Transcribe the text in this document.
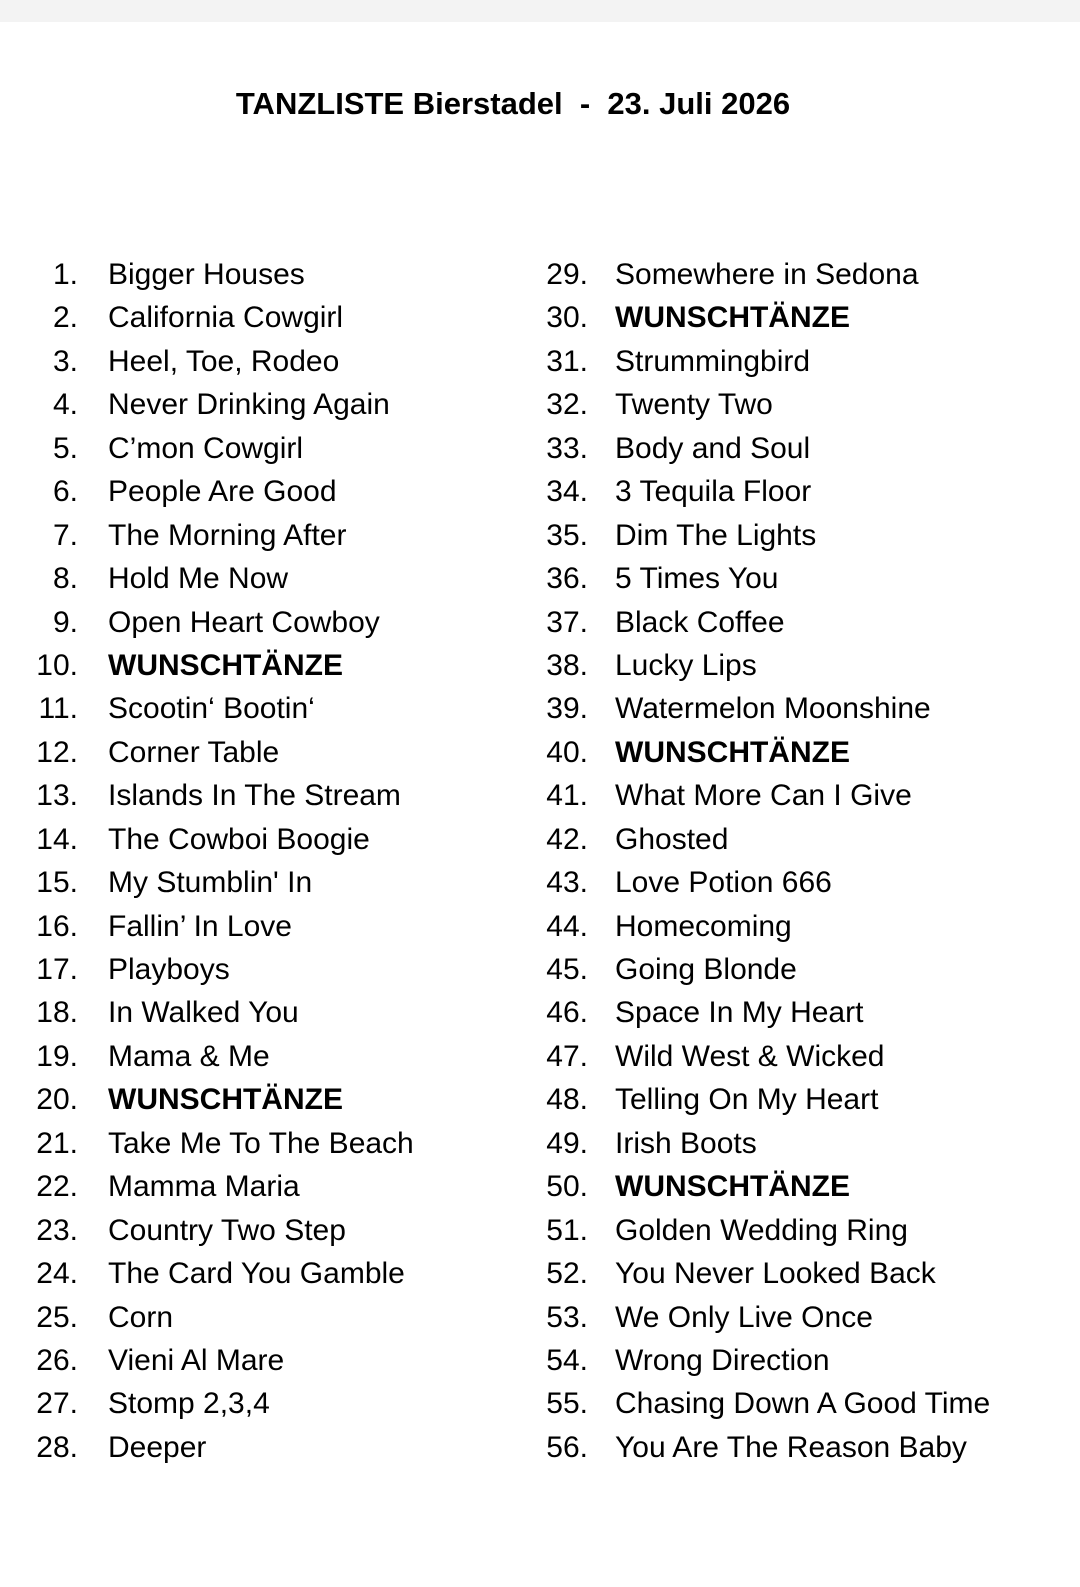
TANZLISTE Bierstadel  -  23. Juli 2026
1. Bigger Houses
2. California Cowgirl
3. Heel, Toe, Rodeo
4. Never Drinking Again
5. C’mon Cowgirl
6. People Are Good
7. The Morning After
8. Hold Me Now
9. Open Heart Cowboy
10. WUNSCHTÄNZE
11. Scootin‘ Bootin‘
12. Corner Table
13. Islands In The Stream
14. The Cowboi Boogie
15. My Stumblin' In
16. Fallin’ In Love
17. Playboys
18. In Walked You
19. Mama & Me
20. WUNSCHTÄNZE
21. Take Me To The Beach
22. Mamma Maria
23. Country Two Step
24. The Card You Gamble
25. Corn
26. Vieni Al Mare
27. Stomp 2,3,4
28. Deeper
29. Somewhere in Sedona
30. WUNSCHTÄNZE
31. Strummingbird
32. Twenty Two
33. Body and Soul
34. 3 Tequila Floor
35. Dim The Lights
36. 5 Times You
37. Black Coffee
38. Lucky Lips
39. Watermelon Moonshine
40. WUNSCHTÄNZE
41. What More Can I Give
42. Ghosted
43. Love Potion 666
44. Homecoming
45. Going Blonde
46. Space In My Heart
47. Wild West & Wicked
48. Telling On My Heart
49. Irish Boots
50. WUNSCHTÄNZE
51. Golden Wedding Ring
52. You Never Looked Back
53. We Only Live Once
54. Wrong Direction
55. Chasing Down A Good Time
56. You Are The Reason Baby
